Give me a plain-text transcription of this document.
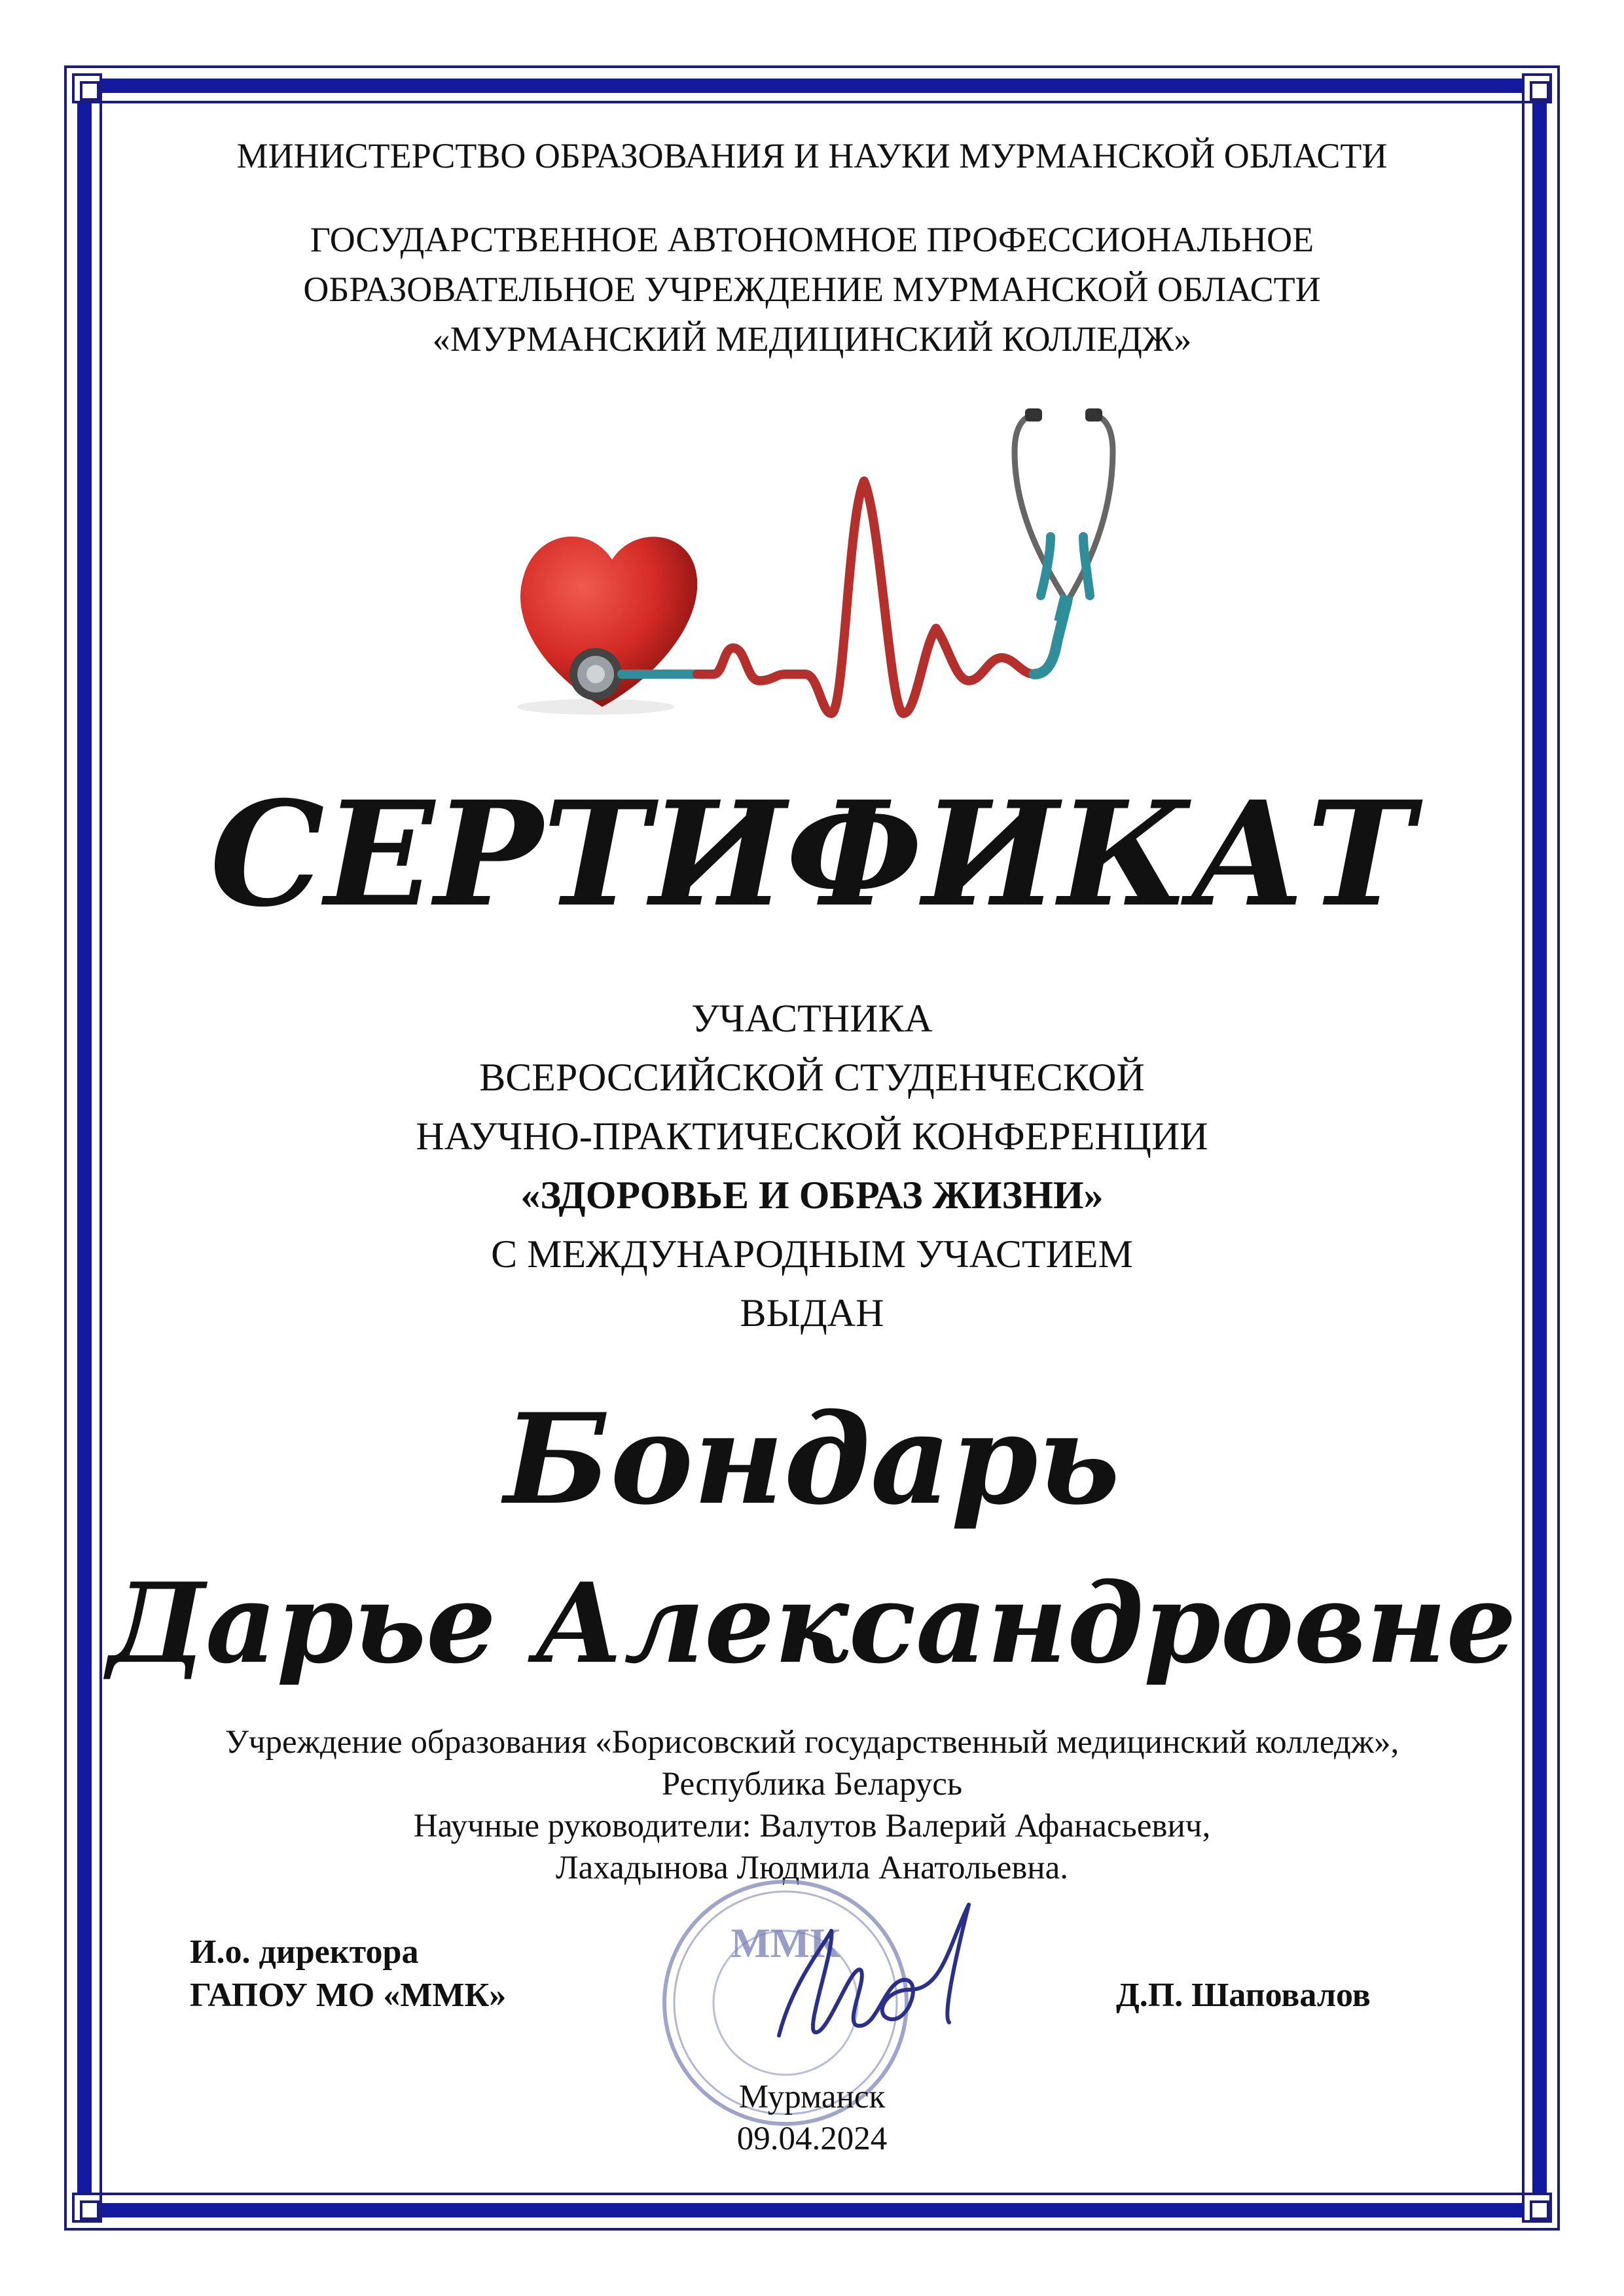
МИНИСТЕРСТВО ОБРАЗОВАНИЯ И НАУКИ МУРМАНСКОЙ ОБЛАСТИ
ГОСУДАРСТВЕННОЕ АВТОНОМНОЕ ПРОФЕССИОНАЛЬНОЕ
ОБРАЗОВАТЕЛЬНОЕ УЧРЕЖДЕНИЕ МУРМАНСКОЙ ОБЛАСТИ
«МУРМАНСКИЙ МЕДИЦИНСКИЙ КОЛЛЕДЖ»
СЕРТИФИКАТ
УЧАСТНИКА
ВСЕРОССИЙСКОЙ СТУДЕНЧЕСКОЙ
НАУЧНО-ПРАКТИЧЕСКОЙ КОНФЕРЕНЦИИ
«ЗДОРОВЬЕ И ОБРАЗ ЖИЗНИ»
С МЕЖДУНАРОДНЫМ УЧАСТИЕМ
ВЫДАН
Бондарь
Дарье Александровне
Учреждение образования «Борисовский государственный медицинский колледж»,
Республика Беларусь
Научные руководители: Валутов Валерий Афанасьевич,
Лахадынова Людмила Анатольевна.
ММК
И.о. директора
ГАПОУ МО «ММК»	Д.П. Шаповалов
Мурманск
09.04.2024
